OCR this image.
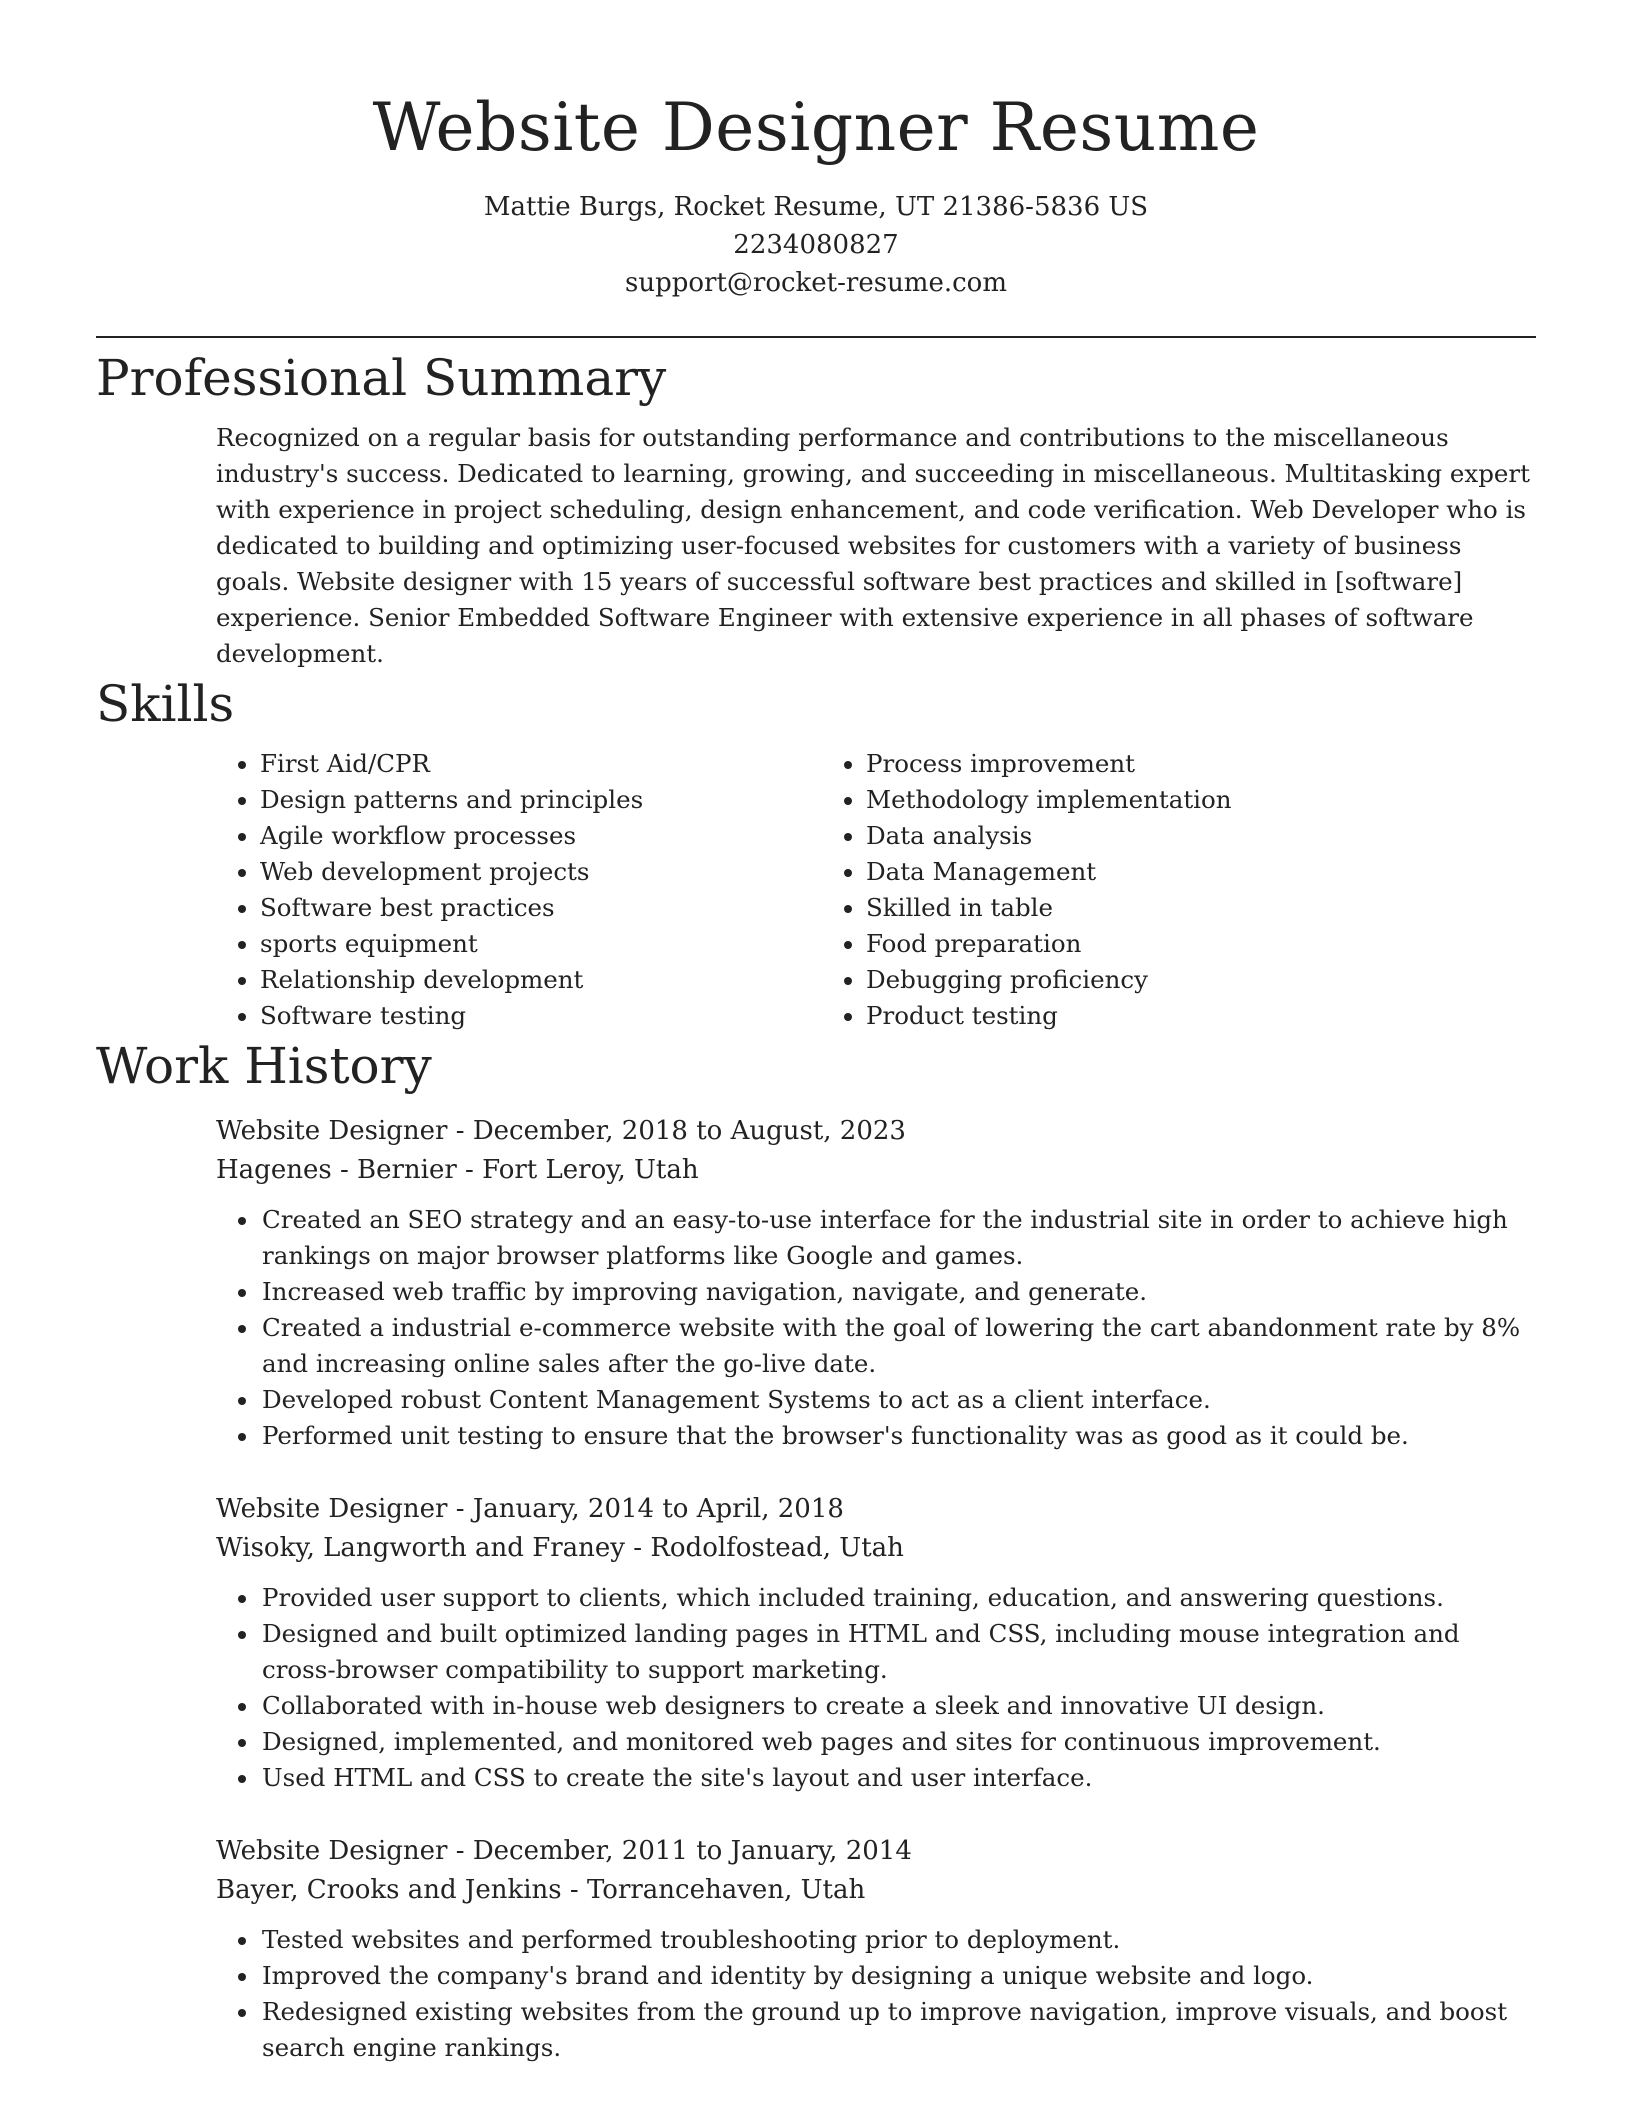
Website Designer Resume
Mattie Burgs, Rocket Resume, UT 21386-5836 US
2234080827
support@rocket-resume.com
Professional Summary
Recognized on a regular basis for outstanding performance and contributions to the miscellaneous industry's success. Dedicated to learning, growing, and succeeding in miscellaneous. Multitasking expert with experience in project scheduling, design enhancement, and code verification. Web Developer who is dedicated to building and optimizing user-focused websites for customers with a variety of business goals. Website designer with 15 years of successful software best practices and skilled in [software] experience. Senior Embedded Software Engineer with extensive experience in all phases of software development.
Skills
• First Aid/CPR
• Design patterns and principles
• Agile workflow processes
• Web development projects
• Software best practices
• sports equipment
• Relationship development
• Software testing
• Process improvement
• Methodology implementation
• Data analysis
• Data Management
• Skilled in table
• Food preparation
• Debugging proficiency
• Product testing
Work History
Website Designer - December, 2018 to August, 2023
Hagenes - Bernier - Fort Leroy, Utah
• Created an SEO strategy and an easy-to-use interface for the industrial site in order to achieve high rankings on major browser platforms like Google and games.
• Increased web traffic by improving navigation, navigate, and generate.
• Created a industrial e-commerce website with the goal of lowering the cart abandonment rate by 8% and increasing online sales after the go-live date.
• Developed robust Content Management Systems to act as a client interface.
• Performed unit testing to ensure that the browser's functionality was as good as it could be.
Website Designer - January, 2014 to April, 2018
Wisoky, Langworth and Franey - Rodolfostead, Utah
• Provided user support to clients, which included training, education, and answering questions.
• Designed and built optimized landing pages in HTML and CSS, including mouse integration and cross-browser compatibility to support marketing.
• Collaborated with in-house web designers to create a sleek and innovative UI design.
• Designed, implemented, and monitored web pages and sites for continuous improvement.
• Used HTML and CSS to create the site's layout and user interface.
Website Designer - December, 2011 to January, 2014
Bayer, Crooks and Jenkins - Torrancehaven, Utah
• Tested websites and performed troubleshooting prior to deployment.
• Improved the company's brand and identity by designing a unique website and logo.
• Redesigned existing websites from the ground up to improve navigation, improve visuals, and boost search engine rankings.
